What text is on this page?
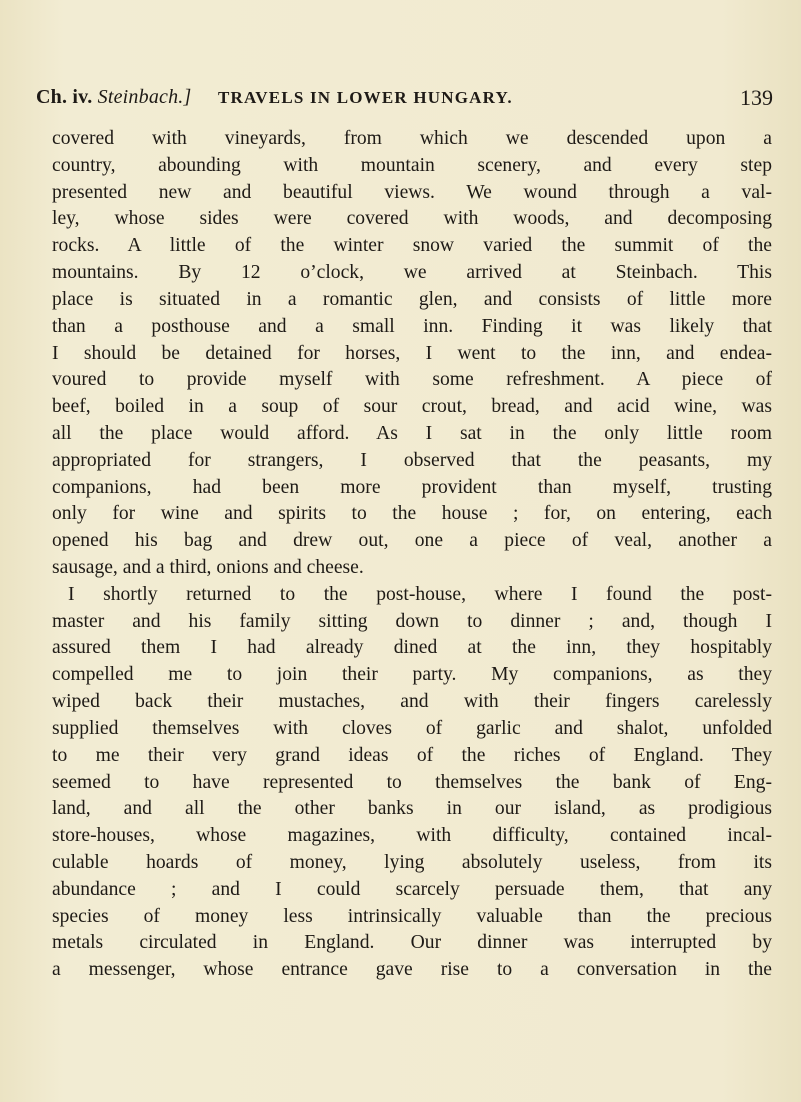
Ch. iv. Steinbach.] TRAVELS IN LOWER HUNGARY.	139
covered with vineyards, from which we descended upon a
country, abounding with mountain scenery, and every step
presented new and beautiful views. We wound through a val-
ley, whose sides were covered with woods, and decomposing
rocks. A little of the winter snow varied the summit of the
mountains. By 12 o’clock, we arrived at Steinbach. This
place is situated in a romantic glen, and consists of little more
than a posthouse and a small inn. Finding it was likely that
I should be detained for horses, I went to the inn, and endea-
voured to provide myself with some refreshment. A piece of
beef, boiled in a soup of sour crout, bread, and acid wine, was
all the place would afford. As I sat in the only little room
appropriated for strangers, I observed that the peasants, my
companions, had been more provident than myself, trusting
only for wine and spirits to the house ; for, on entering, each
opened his bag and drew out, one a piece of veal, another a
sausage, and a third, onions and cheese.
I shortly returned to the post-house, where I found the post-
master and his family sitting down to dinner ; and, though I
assured them I had already dined at the inn, they hospitably
compelled me to join their party. My companions, as they
wiped back their mustaches, and with their fingers carelessly
supplied themselves with cloves of garlic and shalot, unfolded
to me their very grand ideas of the riches of England. They
seemed to have represented to themselves the bank of Eng-
land, and all the other banks in our island, as prodigious
store-houses, whose magazines, with difficulty, contained incal-
culable hoards of money, lying absolutely useless, from its
abundance ; and I could scarcely persuade them, that any
species of money less intrinsically valuable than the precious
metals circulated in England. Our dinner was interrupted by
a messenger, whose entrance gave rise to a conversation in the
